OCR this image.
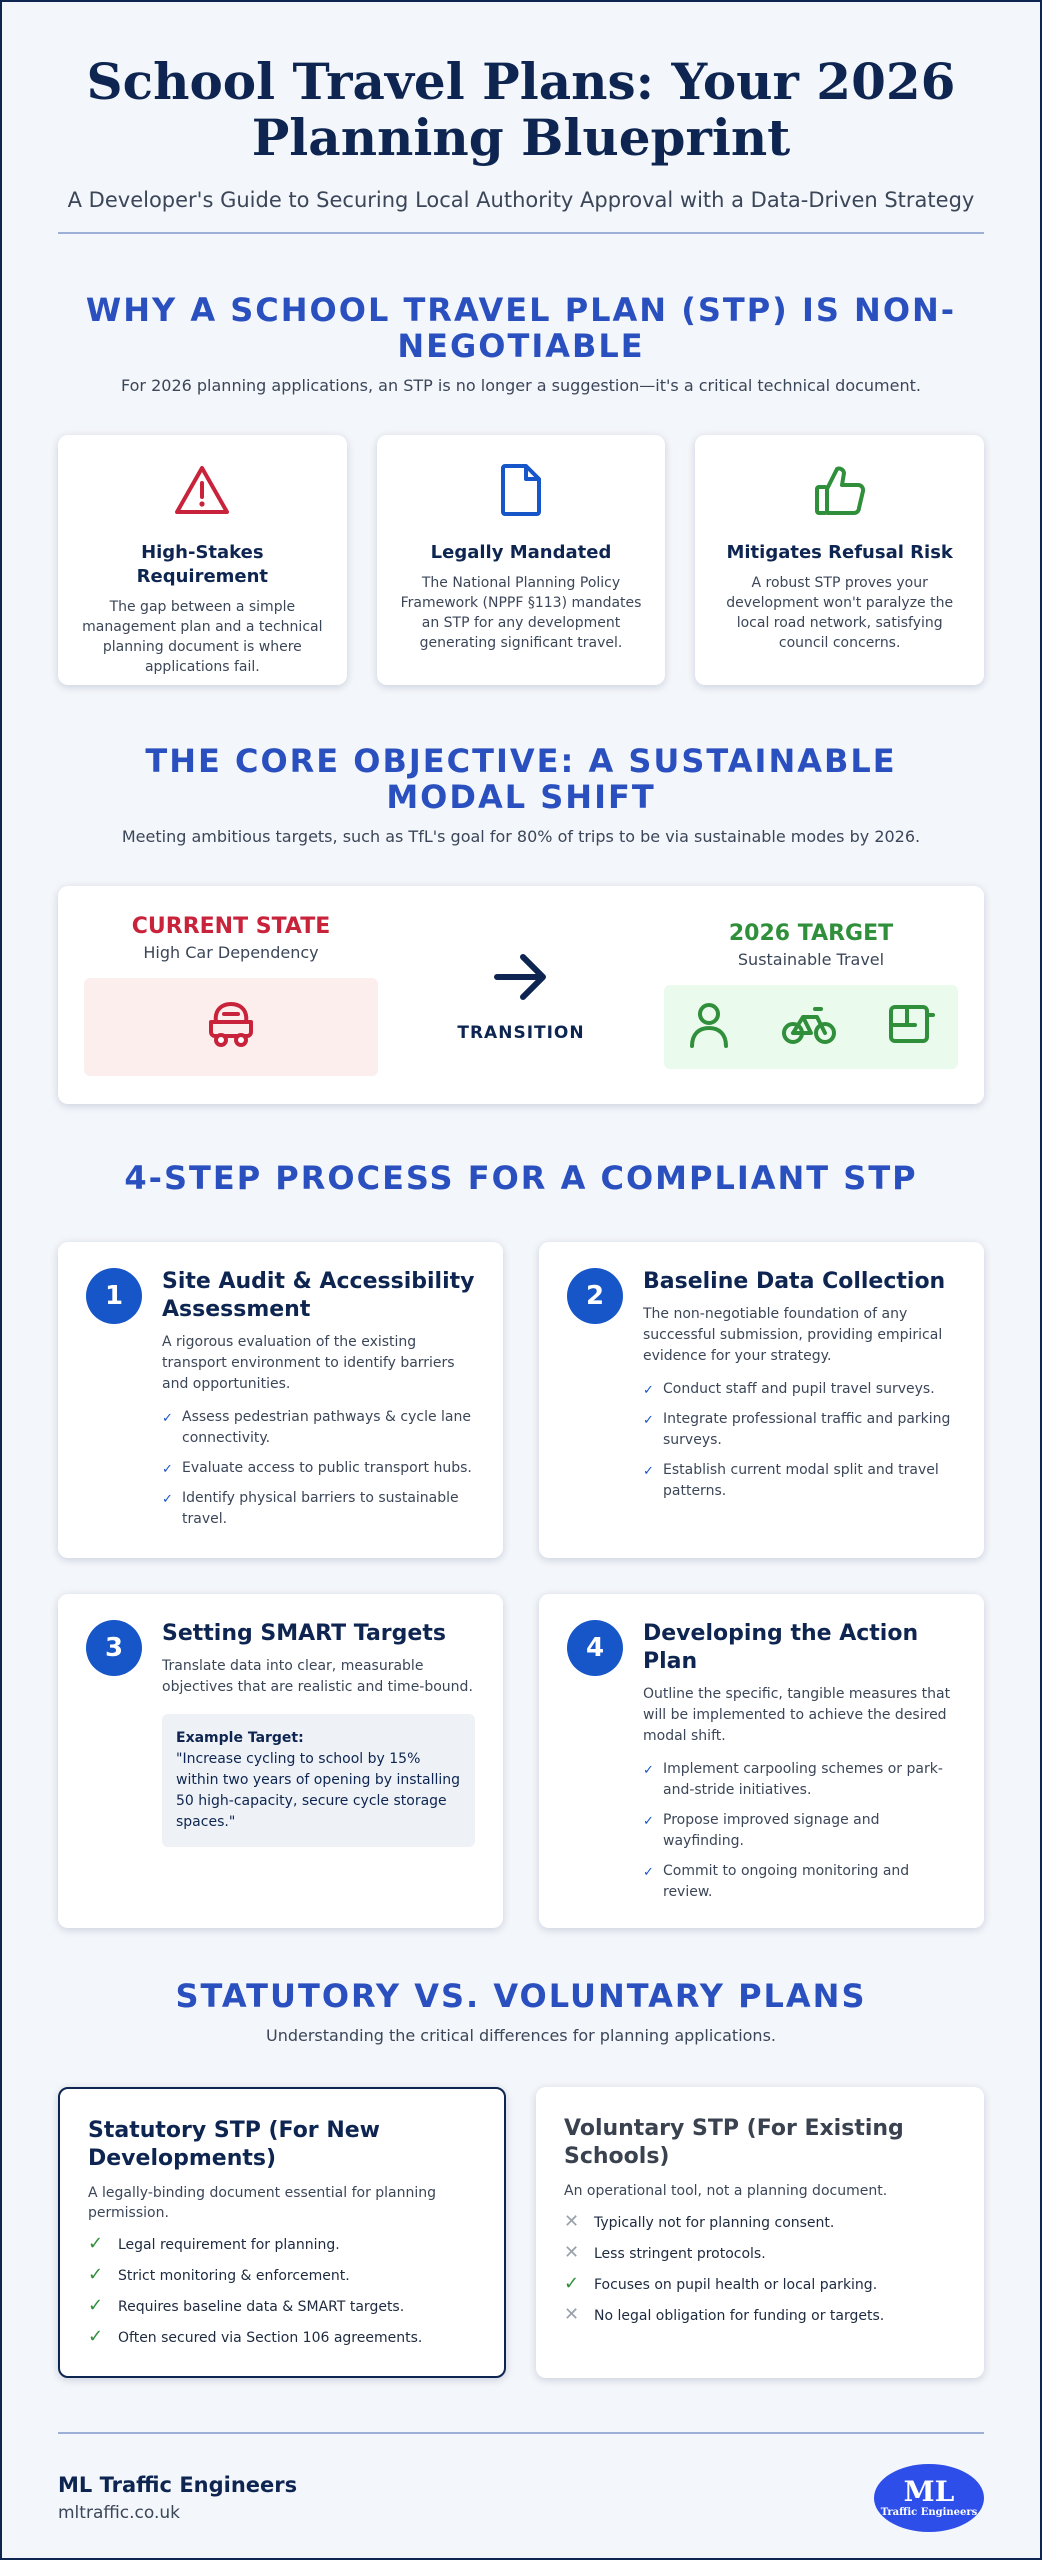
School Travel Plans: Your 2026 Planning Blueprint
A Developer's Guide to Securing Local Authority Approval with a Data-Driven Strategy
WHY A SCHOOL TRAVEL PLAN (STP) IS NON-NEGOTIABLE
For 2026 planning applications, an STP is no longer a suggestion—it's a critical technical document.
High-Stakes Requirement

The gap between a simple management plan and a technical planning document is where applications fail.

Legally Mandated

The National Planning Policy Framework (NPPF §113) mandates an STP for any development generating significant travel.

Mitigates Refusal Risk

A robust STP proves your development won't paralyze the local road network, satisfying council concerns.

THE CORE OBJECTIVE: A SUSTAINABLE MODAL SHIFT
Meeting ambitious targets, such as TfL's goal for 80% of trips to be via sustainable modes by 2026.
CURRENT STATE
High Car Dependency
TRANSITION
2026 TARGET
Sustainable Travel
4-STEP PROCESS FOR A COMPLIANT STP
1	Site Audit & Accessibility Assessment

A rigorous evaluation of the existing transport environment to identify barriers and opportunities.

✓ Assess pedestrian pathways & cycle lane connectivity.
✓ Evaluate access to public transport hubs.
✓ Identify physical barriers to sustainable travel.
2	Baseline Data Collection

The non-negotiable foundation of any successful submission, providing empirical evidence for your strategy.

✓ Conduct staff and pupil travel surveys.
✓ Integrate professional traffic and parking surveys.
✓ Establish current modal split and travel patterns.
3	Setting SMART Targets

Translate data into clear, measurable objectives that are realistic and time-bound.

Example Target:
"Increase cycling to school by 15% within two years of opening by installing 50 high-capacity, secure cycle storage spaces."
4	Developing the Action Plan

Outline the specific, tangible measures that will be implemented to achieve the desired modal shift.

✓ Implement carpooling schemes or park-and-stride initiatives.
✓ Propose improved signage and wayfinding.
✓ Commit to ongoing monitoring and review.
STATUTORY VS. VOLUNTARY PLANS
Understanding the critical differences for planning applications.
Statutory STP (For New Developments)

A legally-binding document essential for planning permission.

✓ Legal requirement for planning.
✓ Strict monitoring & enforcement.
✓ Requires baseline data & SMART targets.
✓ Often secured via Section 106 agreements.
Voluntary STP (For Existing Schools)

An operational tool, not a planning document.

✕ Typically not for planning consent.
✕ Less stringent protocols.
✓ Focuses on pupil health or local parking.
✕ No legal obligation for funding or targets.
ML Traffic Engineers
mltraffic.co.uk
ML
Traffic Engineers
